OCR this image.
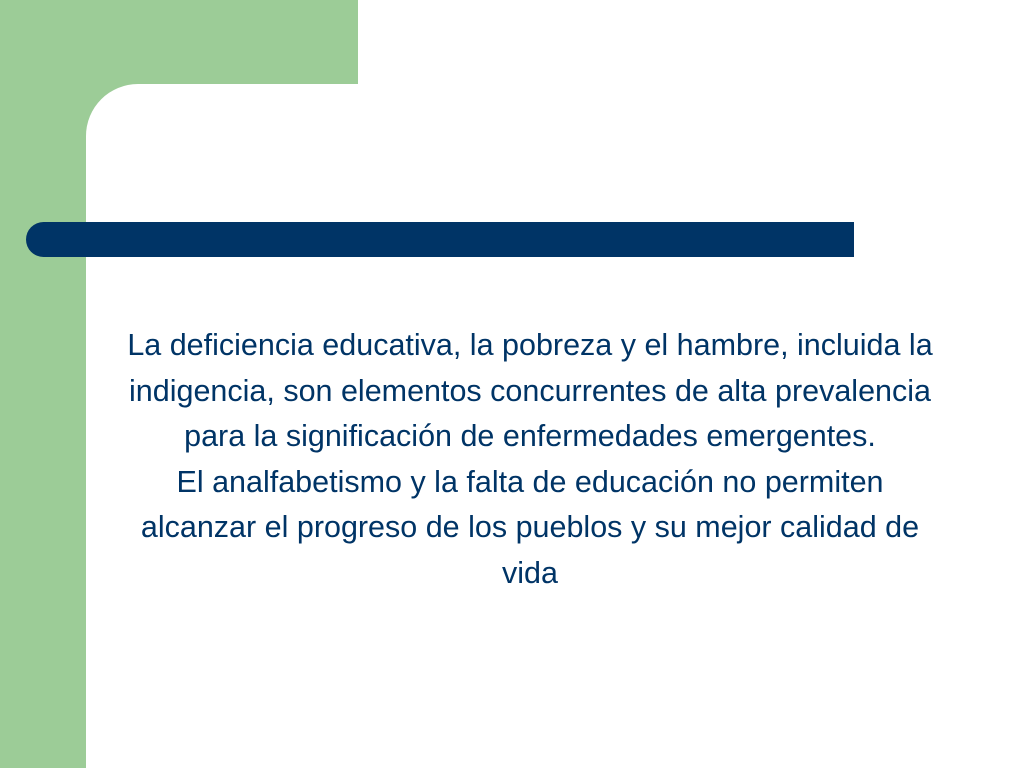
La deficiencia educativa, la pobreza y el hambre, incluida la indigencia, son elementos concurrentes de alta prevalencia para la significación de enfermedades emergentes.

El analfabetismo y la falta de educación no permiten alcanzar el progreso de los pueblos y su mejor calidad de vida
